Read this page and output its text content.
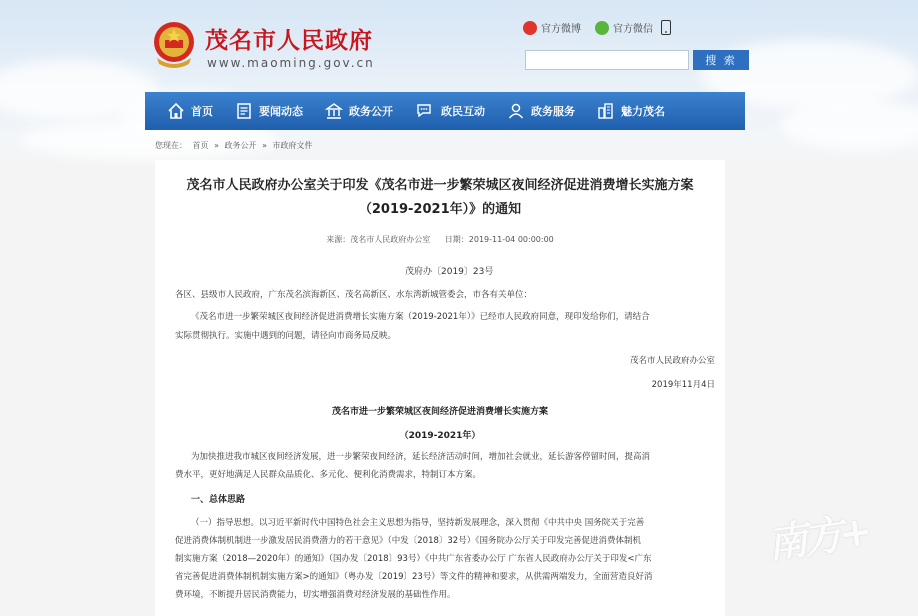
茂名市人民政府
www.maoming.gov.cn
官方微博	官方微信
搜 索
首页	要闻动态	政务公开	政民互动	政务服务	魅力茂名
您现在： 首页 » 政务公开 » 市政府文件
茂名市人民政府办公室关于印发《茂名市进一步繁荣城区夜间经济促进消费增长实施方案
（2019-2021年）》的通知
来源：茂名市人民政府办公室 日期：2019-11-04 00:00:00
茂府办〔2019〕23号
各区、县级市人民政府，广东茂名滨海新区、茂名高新区、水东湾新城管委会，市各有关单位：
《茂名市进一步繁荣城区夜间经济促进消费增长实施方案（2019-2021年）》已经市人民政府同意，现印发给你们，请结合
实际贯彻执行。实施中遇到的问题，请径向市商务局反映。
茂名市人民政府办公室
2019年11月4日
茂名市进一步繁荣城区夜间经济促进消费增长实施方案
（2019-2021年）
为加快推进我市城区夜间经济发展，进一步繁荣夜间经济，延长经济活动时间，增加社会就业，延长游客停留时间，提高消
费水平，更好地满足人民群众品质化、多元化、便利化消费需求，特制订本方案。
一、总体思路
（一）指导思想。以习近平新时代中国特色社会主义思想为指导，坚持新发展理念，深入贯彻《中共中央 国务院关于完善
促进消费体制机制进一步激发居民消费潜力的若干意见》（中发〔2018〕32号）《国务院办公厅关于印发完善促进消费体制机
制实施方案（2018—2020年）的通知》（国办发〔2018〕93号）《中共广东省委办公厅 广东省人民政府办公厅关于印发<广东
省完善促进消费体制机制实施方案>的通知》（粤办发〔2019〕23号）等文件的精神和要求，从供需两端发力，全面营造良好消
费环境，不断提升居民消费能力，切实增强消费对经济发展的基础性作用。
南方+
